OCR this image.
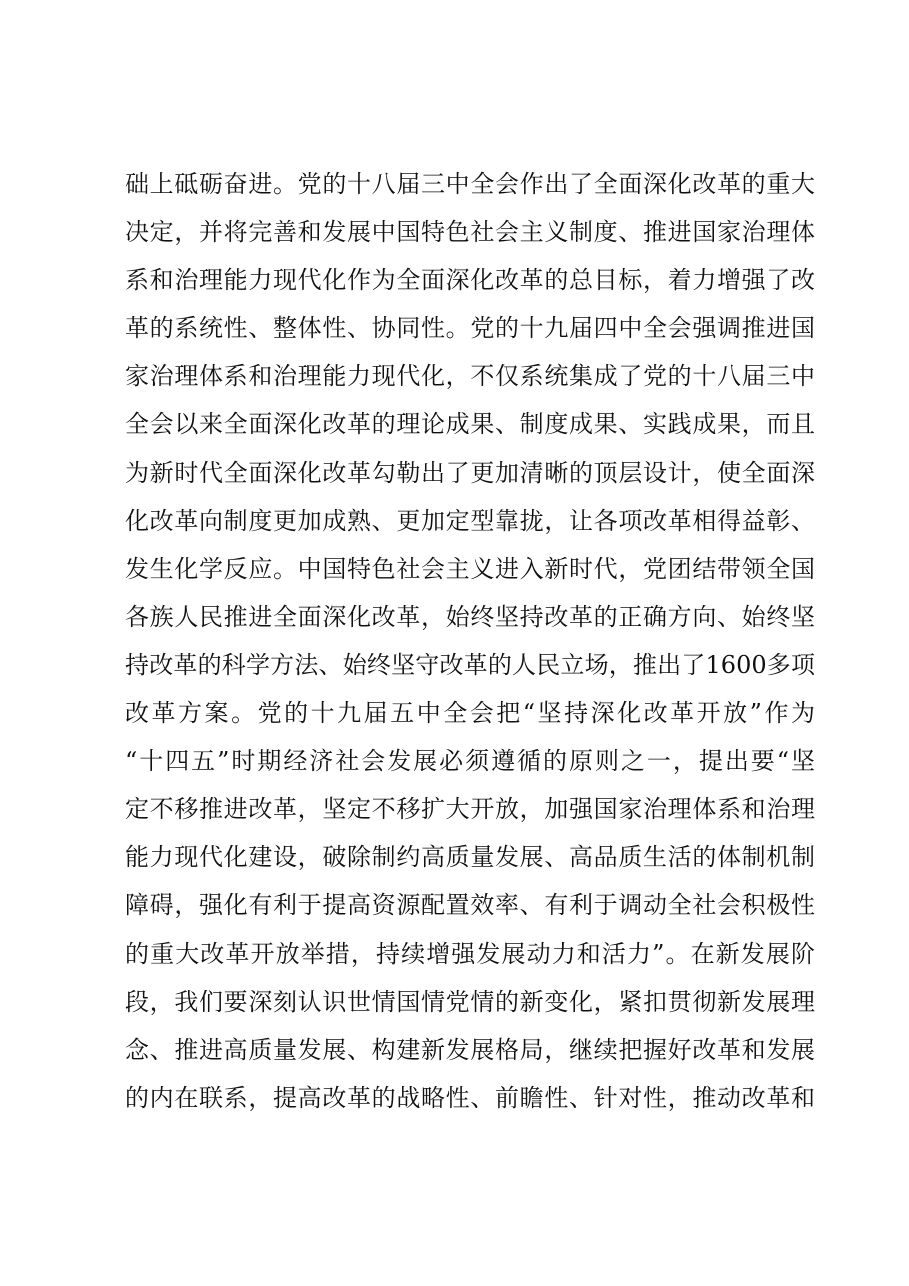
础上砥砺奋进。党的十八届三中全会作出了全面深化改革的重大
决定，并将完善和发展中国特色社会主义制度、推进国家治理体
系和治理能力现代化作为全面深化改革的总目标，着力增强了改
革的系统性、整体性、协同性。党的十九届四中全会强调推进国
家治理体系和治理能力现代化，不仅系统集成了党的十八届三中
全会以来全面深化改革的理论成果、制度成果、实践成果，而且
为新时代全面深化改革勾勒出了更加清晰的顶层设计，使全面深
化改革向制度更加成熟、更加定型靠拢，让各项改革相得益彰、
发生化学反应。中国特色社会主义进入新时代，党团结带领全国
各族人民推进全面深化改革，始终坚持改革的正确方向、始终坚
持改革的科学方法、始终坚守改革的人民立场，推出了1600多项
改革方案。党的十九届五中全会把“坚持深化改革开放”作为
“十四五”时期经济社会发展必须遵循的原则之一，提出要“坚
定不移推进改革，坚定不移扩大开放，加强国家治理体系和治理
能力现代化建设，破除制约高质量发展、高品质生活的体制机制
障碍，强化有利于提高资源配置效率、有利于调动全社会积极性
的重大改革开放举措，持续增强发展动力和活力”。在新发展阶
段，我们要深刻认识世情国情党情的新变化，紧扣贯彻新发展理
念、推进高质量发展、构建新发展格局，继续把握好改革和发展
的内在联系，提高改革的战略性、前瞻性、针对性，推动改革和
